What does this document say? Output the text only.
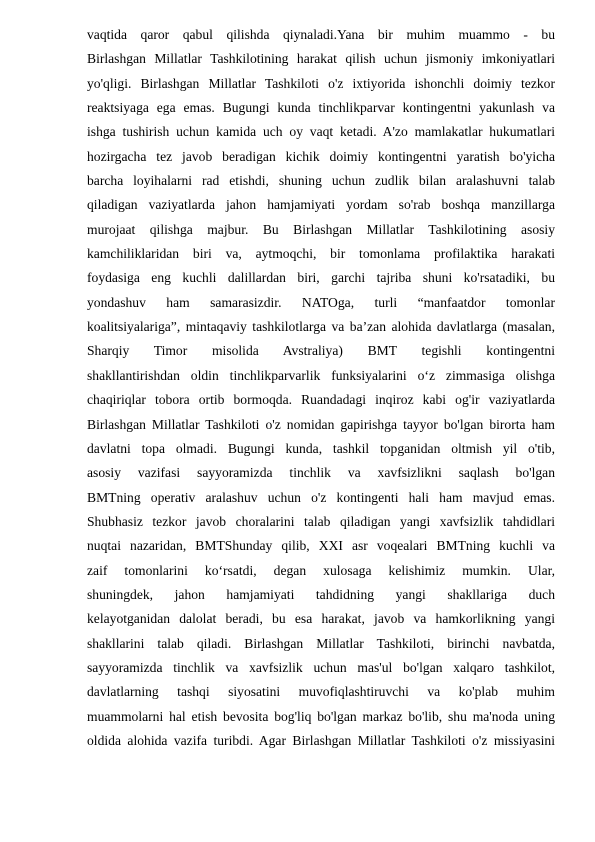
vaqtida qaror qabul qilishda qiynaladi.Yana bir muhim muammo - bu
Birlashgan Millatlar Tashkilotining harakat qilish uchun jismoniy imkoniyatlari
yo'qligi. Birlashgan Millatlar Tashkiloti o'z ixtiyorida ishonchli doimiy tezkor
reaktsiyaga ega emas. Bugungi kunda tinchlikparvar kontingentni yakunlash va
ishga tushirish uchun kamida uch oy vaqt ketadi. A'zo mamlakatlar hukumatlari
hozirgacha tez javob beradigan kichik doimiy kontingentni yaratish bo'yicha
barcha loyihalarni rad etishdi, shuning uchun zudlik bilan aralashuvni talab
qiladigan vaziyatlarda jahon hamjamiyati yordam so'rab boshqa manzillarga
murojaat qilishga majbur. Bu Birlashgan Millatlar Tashkilotining asosiy
kamchiliklaridan biri va, aytmoqchi, bir tomonlama profilaktika harakati
foydasiga eng kuchli dalillardan biri, garchi tajriba shuni ko'rsatadiki, bu
yondashuv ham samarasizdir. NATOga, turli “manfaatdor tomonlar
koalitsiyalariga”, mintaqaviy tashkilotlarga va baʼzan alohida davlatlarga (masalan,
Sharqiy Timor misolida Avstraliya) BMT tegishli kontingentni
shakllantirishdan oldin tinchlikparvarlik funksiyalarini oʻz zimmasiga olishga
chaqiriqlar tobora ortib bormoqda. Ruandadagi inqiroz kabi og'ir vaziyatlarda
Birlashgan Millatlar Tashkiloti o'z nomidan gapirishga tayyor bo'lgan birorta ham
davlatni topa olmadi. Bugungi kunda, tashkil topganidan oltmish yil o'tib,
asosiy vazifasi sayyoramizda tinchlik va xavfsizlikni saqlash bo'lgan
BMTning operativ aralashuv uchun o'z kontingenti hali ham mavjud emas.
Shubhasiz tezkor javob choralarini talab qiladigan yangi xavfsizlik tahdidlari
nuqtai nazaridan, BMTShunday qilib, XXI asr voqealari BMTning kuchli va
zaif tomonlarini koʻrsatdi, degan xulosaga kelishimiz mumkin. Ular,
shuningdek, jahon hamjamiyati tahdidning yangi shakllariga duch
kelayotganidan dalolat beradi, bu esa harakat, javob va hamkorlikning yangi
shakllarini talab qiladi. Birlashgan Millatlar Tashkiloti, birinchi navbatda,
sayyoramizda tinchlik va xavfsizlik uchun mas'ul bo'lgan xalqaro tashkilot,
davlatlarning tashqi siyosatini muvofiqlashtiruvchi va ko'plab muhim
muammolarni hal etish bevosita bog'liq bo'lgan markaz bo'lib, shu ma'noda uning
oldida alohida vazifa turibdi. Agar Birlashgan Millatlar Tashkiloti o'z missiyasini
